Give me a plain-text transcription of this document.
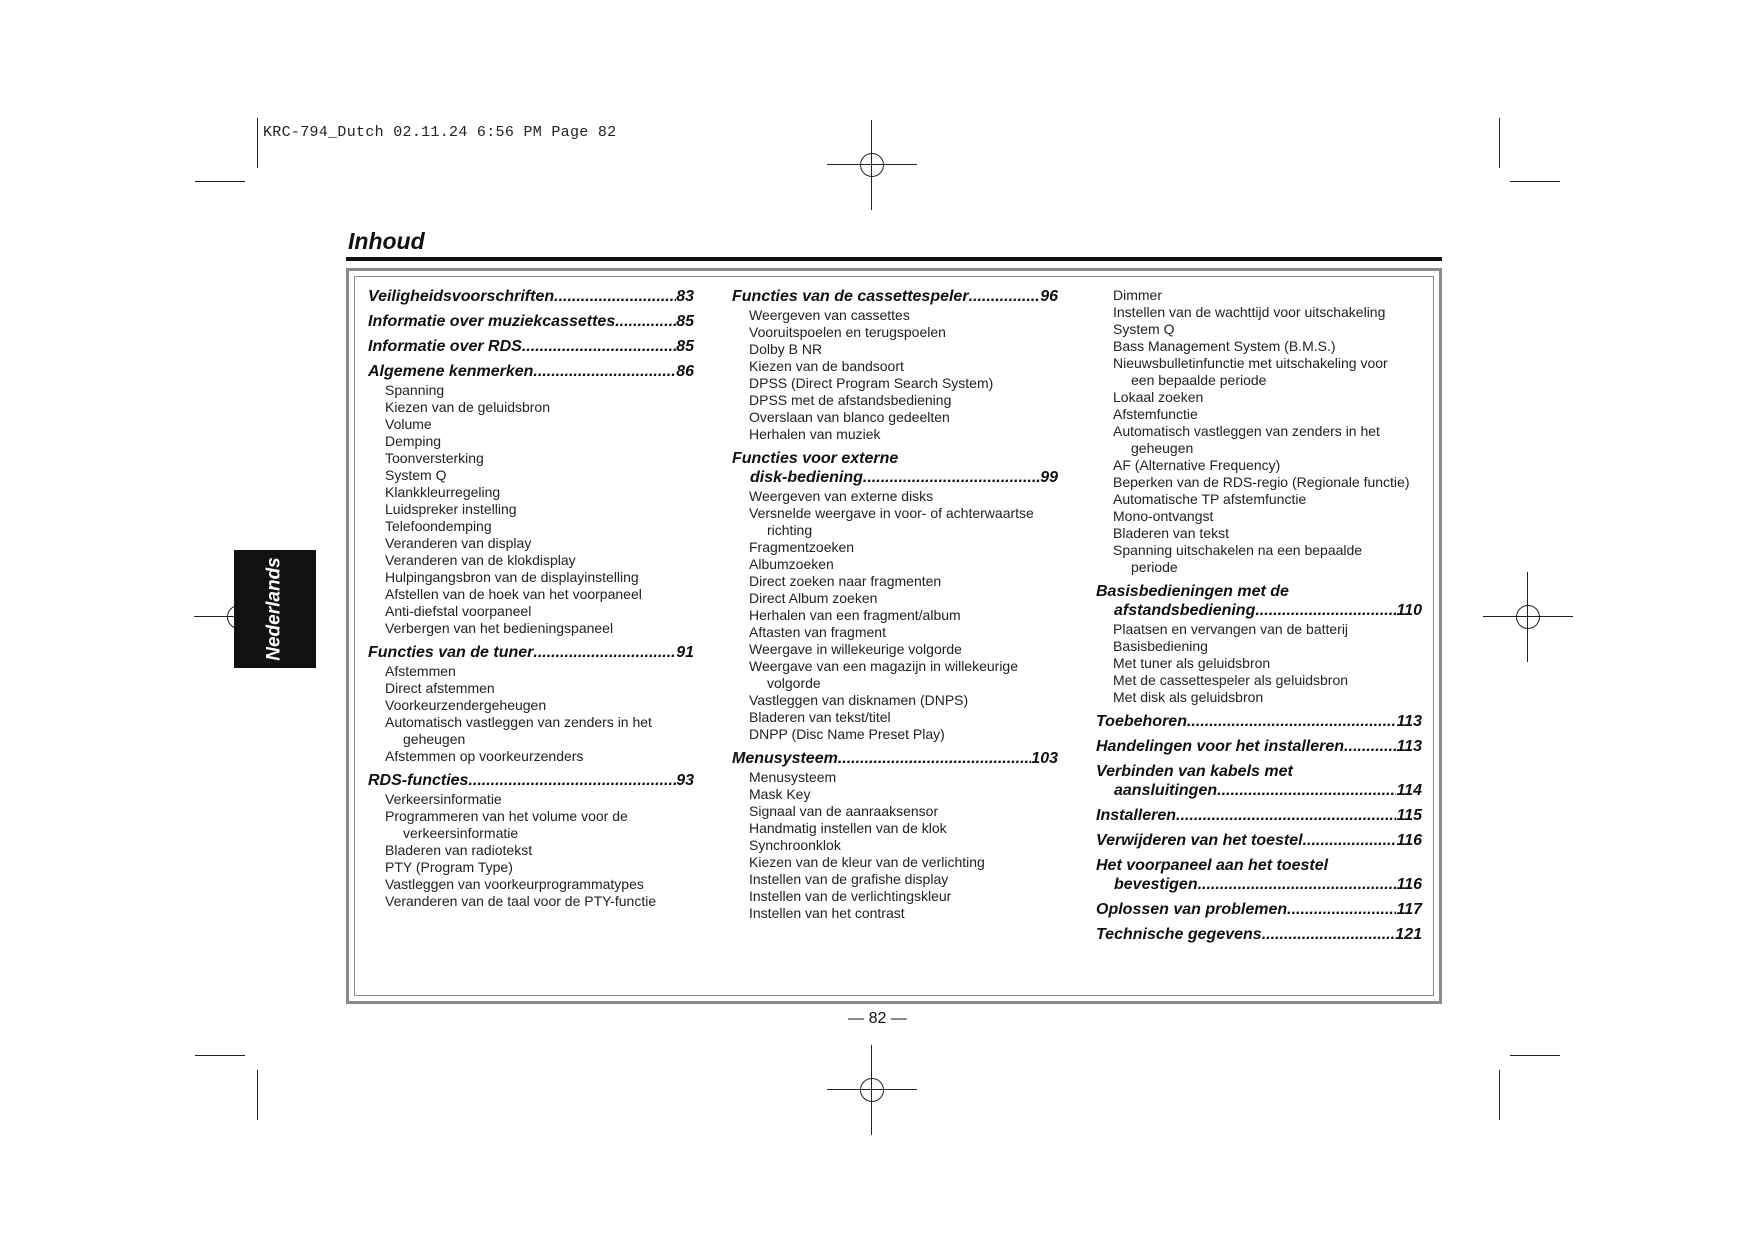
KRC-794_Dutch 02.11.24 6:56 PM Page 82
Inhoud
Nederlands
Veiligheidsvoorschriften .....	83
Informatie over muziekcassettes .....	85
Informatie over RDS .....	85
Algemene kenmerken .....	86
Spanning
Kiezen van de geluidsbron
Volume
Demping
Toonversterking
System Q
Klankkleurregeling
Luidspreker instelling
Telefoondemping
Veranderen van display
Veranderen van de klokdisplay
Hulpingangsbron van de displayinstelling
Afstellen van de hoek van het voorpaneel
Anti-diefstal voorpaneel
Verbergen van het bedieningspaneel
Functies van de tuner .....	91
Afstemmen
Direct afstemmen
Voorkeurzendergeheugen
Automatisch vastleggen van zenders in het
geheugen
Afstemmen op voorkeurzenders
RDS-functies .....	93
Verkeersinformatie
Programmeren van het volume voor de
verkeersinformatie
Bladeren van radiotekst
PTY (Program Type)
Vastleggen van voorkeurprogrammatypes
Veranderen van de taal voor de PTY-functie
Functies van de cassettespeler .....	96
Weergeven van cassettes
Vooruitspoelen en terugspoelen
Dolby B NR
Kiezen van de bandsoort
DPSS (Direct Program Search System)
DPSS met de afstandsbediening
Overslaan van blanco gedeelten
Herhalen van muziek
Functies voor externe
disk-bediening .....	99
Weergeven van externe disks
Versnelde weergave in voor- of achterwaartse
richting
Fragmentzoeken
Albumzoeken
Direct zoeken naar fragmenten
Direct Album zoeken
Herhalen van een fragment/album
Aftasten van fragment
Weergave in willekeurige volgorde
Weergave van een magazijn in willekeurige
volgorde
Vastleggen van disknamen (DNPS)
Bladeren van tekst/titel
DNPP (Disc Name Preset Play)
Menusysteem .....	103
Menusysteem
Mask Key
Signaal van de aanraaksensor
Handmatig instellen van de klok
Synchroonklok
Kiezen van de kleur van de verlichting
Instellen van de grafishe display
Instellen van de verlichtingskleur
Instellen van het contrast
Dimmer
Instellen van de wachttijd voor uitschakeling
System Q
Bass Management System (B.M.S.)
Nieuwsbulletinfunctie met uitschakeling voor
een bepaalde periode
Lokaal zoeken
Afstemfunctie
Automatisch vastleggen van zenders in het
geheugen
AF (Alternative Frequency)
Beperken van de RDS-regio (Regionale functie)
Automatische TP afstemfunctie
Mono-ontvangst
Bladeren van tekst
Spanning uitschakelen na een bepaalde
periode
Basisbedieningen met de
afstandsbediening .....	110
Plaatsen en vervangen van de batterij
Basisbediening
Met tuner als geluidsbron
Met de cassettespeler als geluidsbron
Met disk als geluidsbron
Toebehoren .....	113
Handelingen voor het installeren .....	113
Verbinden van kabels met
aansluitingen .....	114
Installeren .....	115
Verwijderen van het toestel .....	116
Het voorpaneel aan het toestel
bevestigen .....	116
Oplossen van problemen .....	117
Technische gegevens .....	121
— 82 —
